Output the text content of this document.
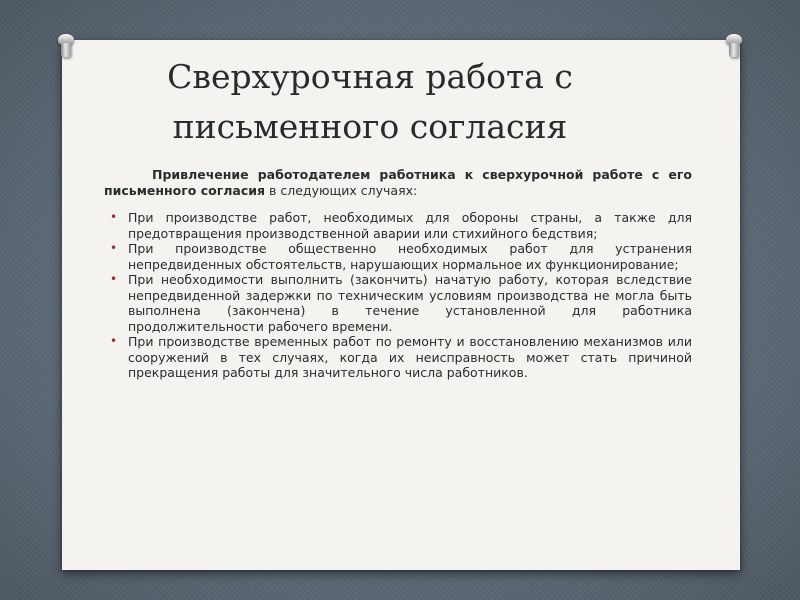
Сверхурочная работа с письменного согласия

Привлечение работодателем работника к сверхурочной работе с его письменного согласия в следующих случаях:

• При производстве работ, необходимых для обороны страны, а также для предотвращения производственной аварии или стихийного бедствия;
• При производстве общественно необходимых работ для устранения непредвиденных обстоятельств, нарушающих нормальное их функционирование;
• При необходимости выполнить (закончить) начатую работу, которая вследствие непредвиденной задержки по техническим условиям производства не могла быть выполнена (закончена) в течение установленной для работника продолжительности рабочего времени.
• При производстве временных работ по ремонту и восстановлению механизмов или сооружений в тех случаях, когда их неисправность может стать причиной прекращения работы для значительного числа работников.
